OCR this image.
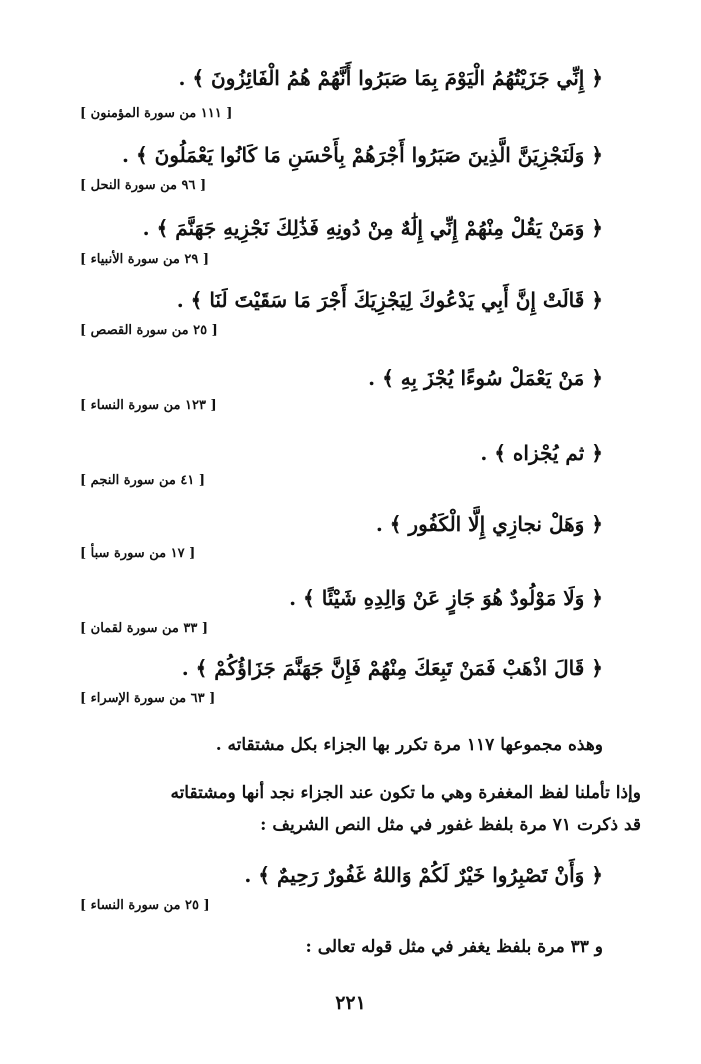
﴿ إِنِّي جَزَيْتُهُمُ الْيَوْمَ بِمَا صَبَرُوا أَنَّهُمْ هُمُ الْفَائِزُونَ ﴾ .
[ ١١١ من سورة المؤمنون ]
﴿ وَلَنَجْزِيَنَّ الَّذِينَ صَبَرُوا أَجْرَهُمْ بِأَحْسَنِ مَا كَانُوا يَعْمَلُونَ ﴾ .
[ ٩٦ من سورة النحل ]
﴿ وَمَنْ يَقُلْ مِنْهُمْ إِنِّي إِلَٰهٌ مِنْ دُونِهِ فَذَٰلِكَ نَجْزِيهِ جَهَنَّمَ ﴾ .
[ ٢٩ من سورة الأنبياء ]
﴿ قَالَتْ إِنَّ أَبِي يَدْعُوكَ لِيَجْزِيَكَ أَجْرَ مَا سَقَيْتَ لَنَا ﴾ .
[ ٢٥ من سورة القصص ]
﴿ مَنْ يَعْمَلْ سُوءًا يُجْزَ بِهِ ﴾ .
[ ١٢٣ من سورة النساء ]
﴿ ثم يُجْزاه ﴾ .
[ ٤١ من سورة النجم ]
﴿ وَهَلْ نجازِي إِلَّا الْكَفُور ﴾ .
[ ١٧ من سورة سبأ ]
﴿ وَلَا مَوْلُودٌ هُوَ جَازٍ عَنْ وَالِدِهِ شَيْئًا ﴾ .
[ ٣٣ من سورة لقمان ]
﴿ قَالَ اذْهَبْ فَمَنْ تَبِعَكَ مِنْهُمْ فَإِنَّ جَهَنَّمَ جَزَاؤُكُمْ ﴾ .
[ ٦٣ من سورة الإسراء ]
وهذه مجموعها ١١٧ مرة تكرر بها الجزاء بكل مشتقاته .
وإذا تأملنا لفظ المغفرة وهي ما تكون عند الجزاء نجد أنها ومشتقاته
قد ذكرت ٧١ مرة بلفظ غفور في مثل النص الشريف :
﴿ وَأَنْ تَصْبِرُوا خَيْرٌ لَكُمْ وَاللهُ غَفُورٌ رَحِيمٌ ﴾ .
[ ٢٥ من سورة النساء ]
و ٣٣ مرة بلفظ يغفر في مثل قوله تعالى :
٢٢١
